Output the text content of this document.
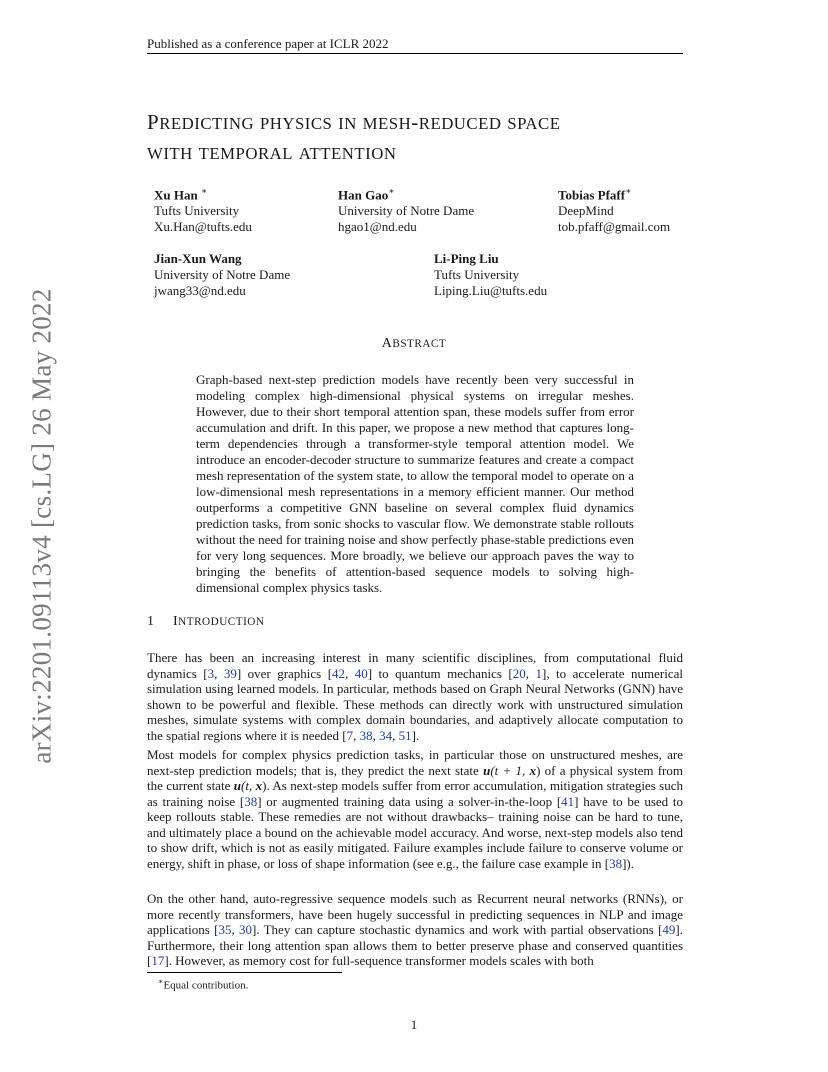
arXiv:2201.09113v4 [cs.LG] 26 May 2022
Published as a conference paper at ICLR 2022
PREDICTING PHYSICS IN MESH-REDUCED SPACE
WITH TEMPORAL ATTENTION
Xu Han ∗
Tufts University
Xu.Han@tufts.edu
Han Gao∗
University of Notre Dame
hgao1@nd.edu
Tobias Pfaff∗
DeepMind
tob.pfaff@gmail.com
Jian-Xun Wang
University of Notre Dame
jwang33@nd.edu
Li-Ping Liu
Tufts University
Liping.Liu@tufts.edu
ABSTRACT
Graph-based next-step prediction models have recently been very successful in modeling complex high-dimensional physical systems on irregular meshes. However, due to their short temporal attention span, these models suffer from error accumulation and drift. In this paper, we propose a new method that captures long-term dependencies through a transformer-style temporal attention model. We introduce an encoder-decoder structure to summarize features and create a compact mesh representation of the system state, to allow the temporal model to operate on a low-dimensional mesh representations in a memory efficient manner. Our method outperforms a competitive GNN baseline on several complex fluid dynamics prediction tasks, from sonic shocks to vascular flow. We demonstrate stable rollouts without the need for training noise and show perfectly phase-stable predictions even for very long sequences. More broadly, we believe our approach paves the way to bringing the benefits of attention-based sequence models to solving high-dimensional complex physics tasks.
1 INTRODUCTION
There has been an increasing interest in many scientific disciplines, from computational fluid dynamics [3, 39] over graphics [42, 40] to quantum mechanics [20, 1], to accelerate numerical simulation using learned models. In particular, methods based on Graph Neural Networks (GNN) have shown to be powerful and flexible. These methods can directly work with unstructured simulation meshes, simulate systems with complex domain boundaries, and adaptively allocate computation to the spatial regions where it is needed [7, 38, 34, 51].
Most models for complex physics prediction tasks, in particular those on unstructured meshes, are next-step prediction models; that is, they predict the next state u(t + 1, x) of a physical system from the current state u(t, x). As next-step models suffer from error accumulation, mitigation strategies such as training noise [38] or augmented training data using a solver-in-the-loop [41] have to be used to keep rollouts stable. These remedies are not without drawbacks– training noise can be hard to tune, and ultimately place a bound on the achievable model accuracy. And worse, next-step models also tend to show drift, which is not as easily mitigated. Failure examples include failure to conserve volume or energy, shift in phase, or loss of shape information (see e.g., the failure case example in [38]).
On the other hand, auto-regressive sequence models such as Recurrent neural networks (RNNs), or more recently transformers, have been hugely successful in predicting sequences in NLP and image applications [35, 30]. They can capture stochastic dynamics and work with partial observations [49]. Furthermore, their long attention span allows them to better preserve phase and conserved quantities [17]. However, as memory cost for full-sequence transformer models scales with both
∗Equal contribution.
1
